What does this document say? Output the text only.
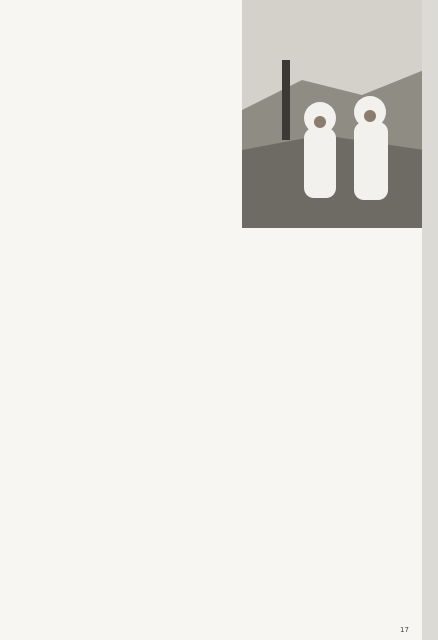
17
